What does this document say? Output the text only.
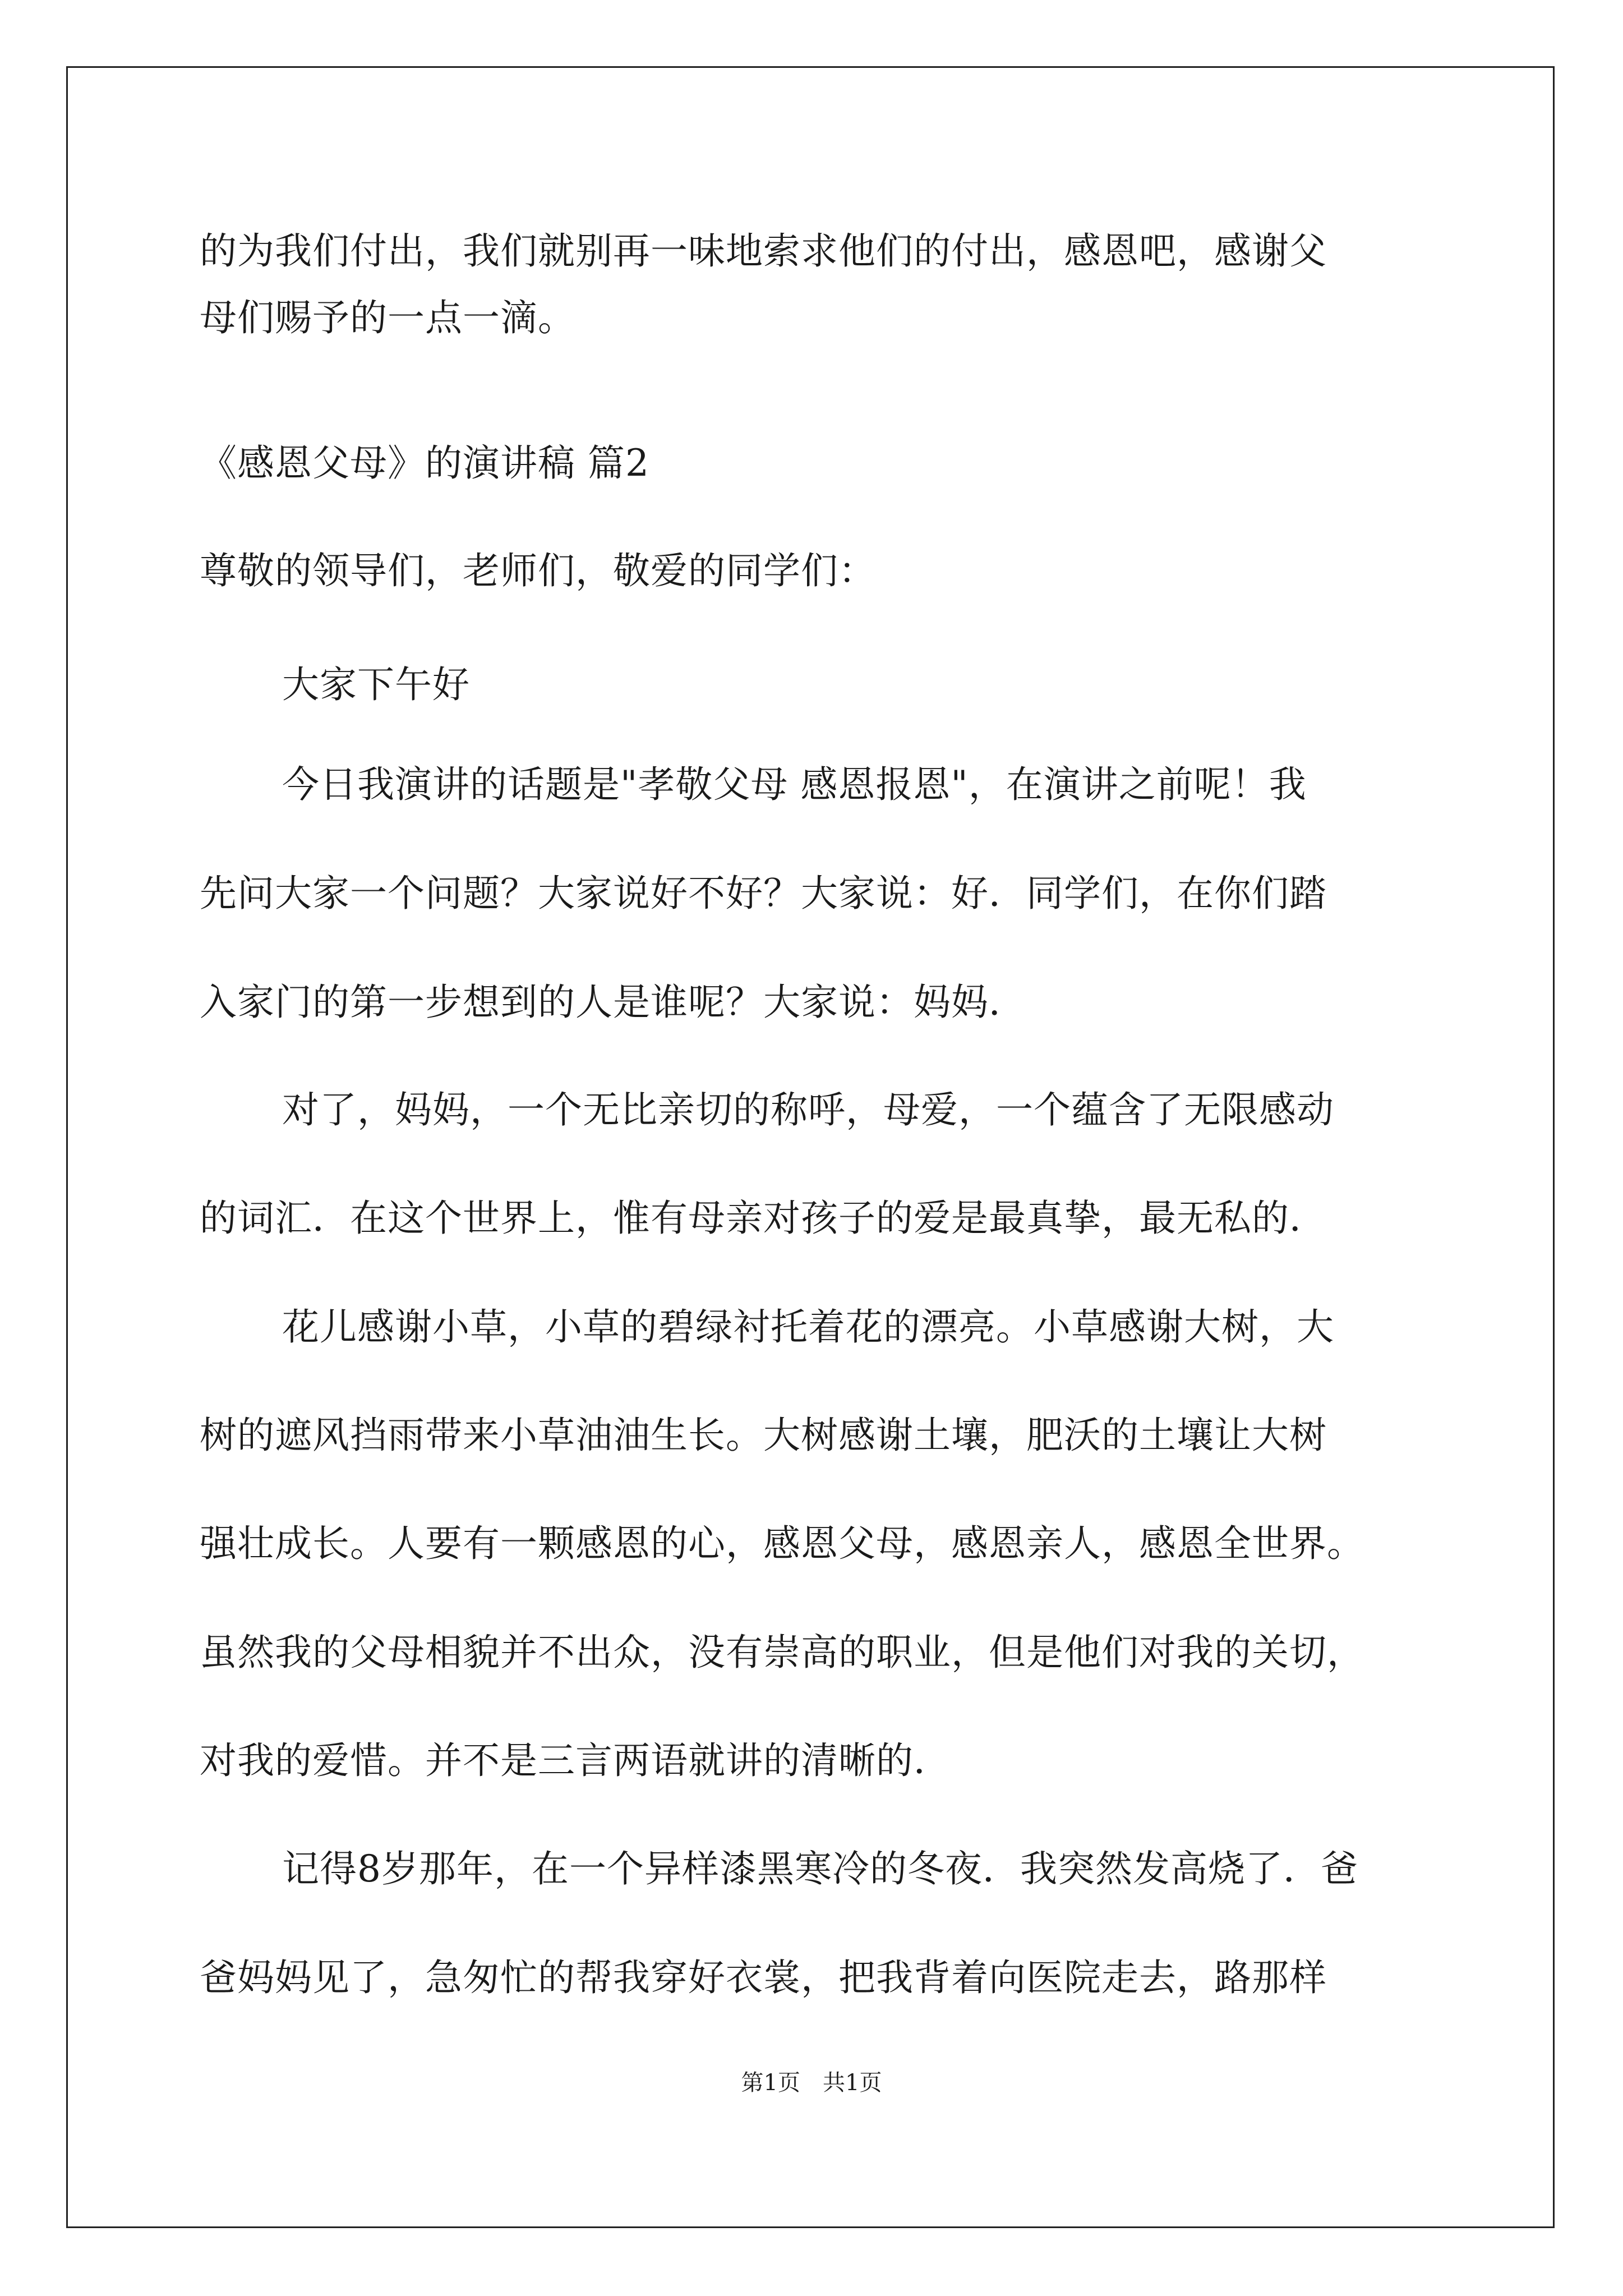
的为我们付出，我们就别再一味地索求他们的付出，感恩吧，感谢父
母们赐予的一点一滴。
《感恩父母》的演讲稿 篇2
尊敬的领导们，老师们，敬爱的同学们：
大家下午好
今日我演讲的话题是"孝敬父母 感恩报恩"，在演讲之前呢！我
先问大家一个问题？大家说好不好？大家说：好．同学们，在你们踏
入家门的第一步想到的人是谁呢？大家说：妈妈．
对了，妈妈，一个无比亲切的称呼，母爱，一个蕴含了无限感动
的词汇．在这个世界上，惟有母亲对孩子的爱是最真挚，最无私的．
花儿感谢小草，小草的碧绿衬托着花的漂亮。小草感谢大树，大
树的遮风挡雨带来小草油油生长。大树感谢土壤，肥沃的土壤让大树
强壮成长。人要有一颗感恩的心，感恩父母，感恩亲人，感恩全世界。
虽然我的父母相貌并不出众，没有崇高的职业，但是他们对我的关切，
对我的爱惜。并不是三言两语就讲的清晰的．
记得8岁那年，在一个异样漆黑寒冷的冬夜．我突然发高烧了．爸
爸妈妈见了，急匆忙的帮我穿好衣裳，把我背着向医院走去，路那样
第1页　共1页
